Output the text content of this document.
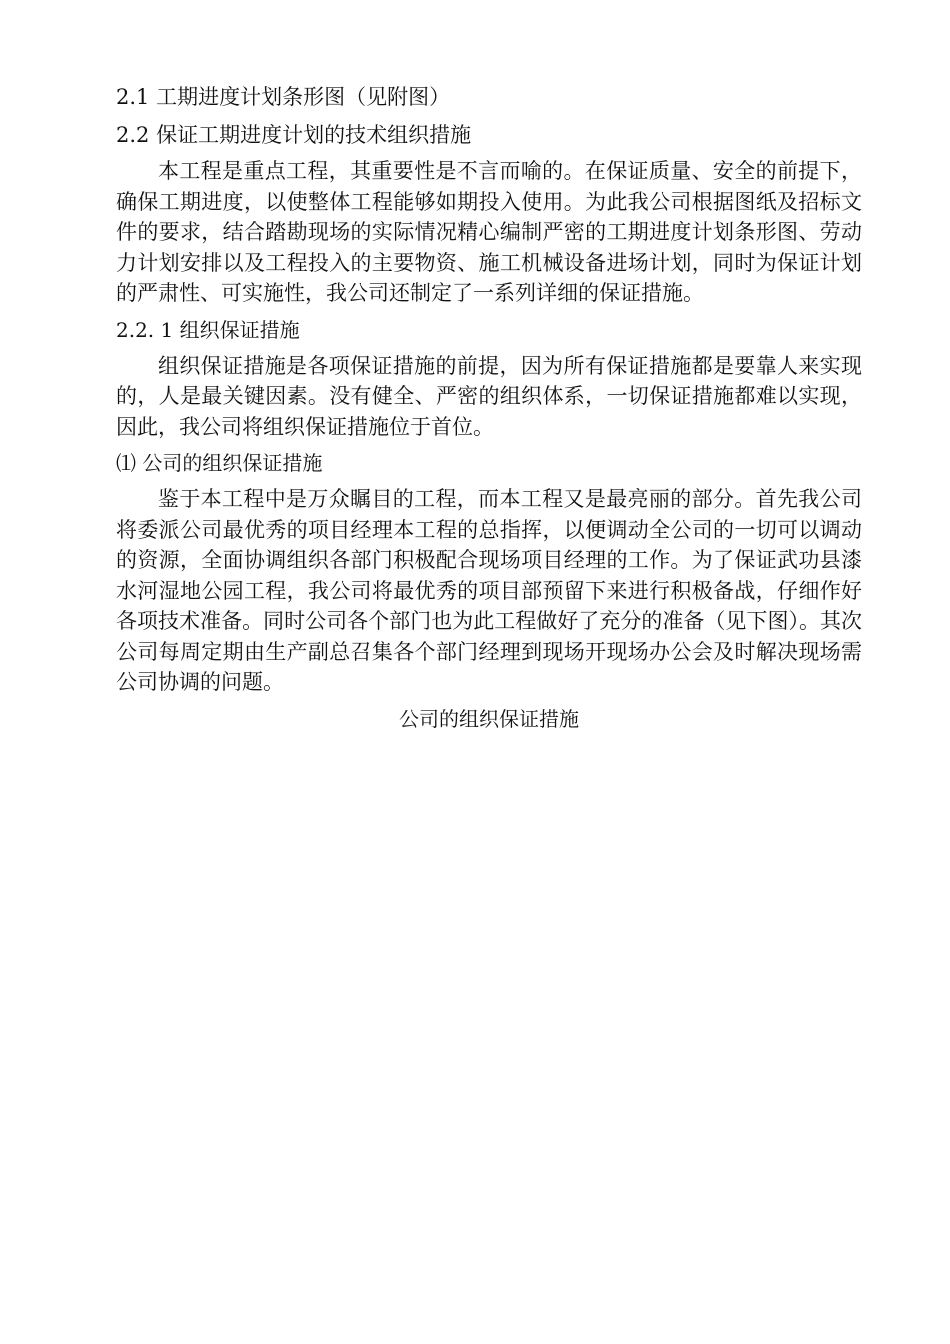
2.1 工期进度计划条形图（见附图）
2.2 保证工期进度计划的技术组织措施

本工程是重点工程，其重要性是不言而喻的。在保证质量、安全的前提下，确保工期进度，以使整体工程能够如期投入使用。为此我公司根据图纸及招标文件的要求，结合踏勘现场的实际情况精心编制严密的工期进度计划条形图、劳动力计划安排以及工程投入的主要物资、施工机械设备进场计划，同时为保证计划的严肃性、可实施性，我公司还制定了一系列详细的保证措施。

2.2. 1 组织保证措施

组织保证措施是各项保证措施的前提，因为所有保证措施都是要靠人来实现的，人是最关键因素。没有健全、严密的组织体系，一切保证措施都难以实现，因此，我公司将组织保证措施位于首位。

⑴ 公司的组织保证措施

鉴于本工程中是万众瞩目的工程，而本工程又是最亮丽的部分。首先我公司将委派公司最优秀的项目经理本工程的总指挥，以便调动全公司的一切可以调动的资源，全面协调组织各部门积极配合现场项目经理的工作。为了保证武功县漆水河湿地公园工程，我公司将最优秀的项目部预留下来进行积极备战，仔细作好各项技术准备。同时公司各个部门也为此工程做好了充分的准备（见下图）。其次公司每周定期由生产副总召集各个部门经理到现场开现场办公会及时解决现场需公司协调的问题。

公司的组织保证措施
